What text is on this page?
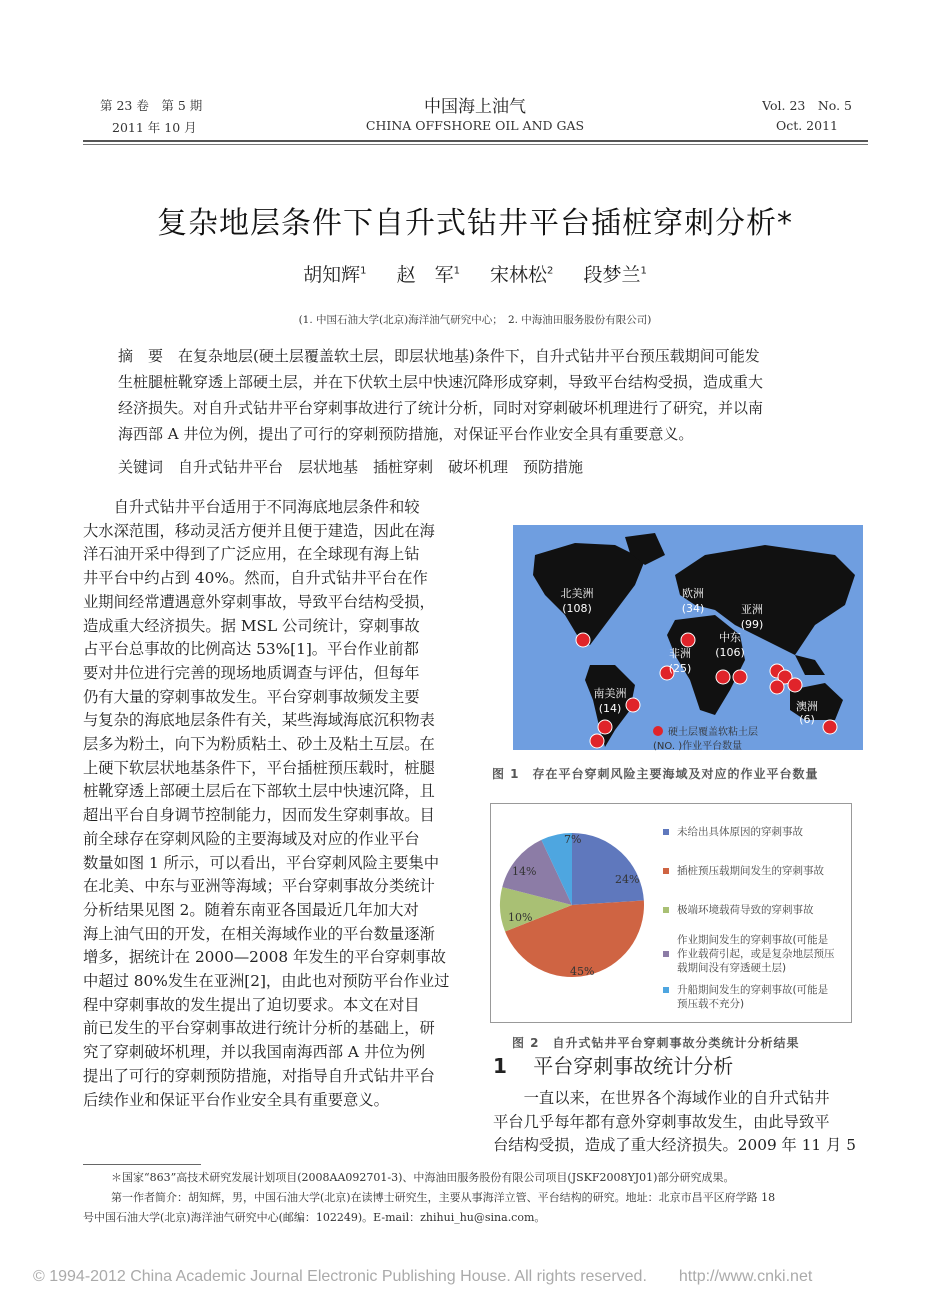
第 23 卷　第 5 期
2011 年 10 月
中国海上油气
CHINA OFFSHORE OIL AND GAS
Vol. 23　No. 5
Oct. 2011
复杂地层条件下自升式钻井平台插桩穿刺分析*
胡知辉$^1$ 赵　军$^1$ 宋林松$^2$ 段梦兰$^1$
(1. 中国石油大学(北京)海洋油气研究中心；　2. 中海油田服务股份有限公司)
摘　要　在复杂地层(硬土层覆盖软土层，即层状地基)条件下，自升式钻井平台预压载期间可能发
生桩腿桩靴穿透上部硬土层，并在下伏软土层中快速沉降形成穿刺，导致平台结构受损，造成重大
经济损失。对自升式钻井平台穿刺事故进行了统计分析，同时对穿刺破坏机理进行了研究，并以南
海西部 A 井位为例，提出了可行的穿刺预防措施，对保证平台作业安全具有重要意义。
关键词　自升式钻井平台　层状地基　插桩穿刺　破坏机理　预防措施
　　自升式钻井平台适用于不同海底地层条件和较
大水深范围，移动灵活方便并且便于建造，因此在海
洋石油开采中得到了广泛应用，在全球现有海上钻
井平台中约占到 40%。然而，自升式钻井平台在作
业期间经常遭遇意外穿刺事故，导致平台结构受损，
造成重大经济损失。据 MSL 公司统计，穿刺事故
占平台总事故的比例高达 53%[1]。平台作业前都
要对井位进行完善的现场地质调查与评估，但每年
仍有大量的穿刺事故发生。平台穿刺事故频发主要
与复杂的海底地层条件有关，某些海域海底沉积物表
层多为粉土，向下为粉质粘土、砂土及粘土互层。在
上硬下软层状地基条件下，平台插桩预压载时，桩腿
桩靴穿透上部硬土层后在下部软土层中快速沉降，且
超出平台自身调节控制能力，因而发生穿刺事故。目
前全球存在穿刺风险的主要海域及对应的作业平台
数量如图 1 所示，可以看出，平台穿刺风险主要集中
在北美、中东与亚洲等海域；平台穿刺事故分类统计
分析结果见图 2。随着东南亚各国最近几年加大对
海上油气田的开发，在相关海域作业的平台数量逐渐
增多，据统计在 2000—2008 年发生的平台穿刺事故
中超过 80%发生在亚洲[2]，由此也对预防平台作业过
程中穿刺事故的发生提出了迫切要求。本文在对目
前已发生的平台穿刺事故进行统计分析的基础上，研
究了穿刺破坏机理，并以我国南海西部 A 井位为例
提出了可行的穿刺预防措施，对指导自升式钻井平台
后续作业和保证平台作业安全具有重要意义。
北美洲
(108)
欧洲
(34)	亚洲
(99)
中东
(106)
非洲
(25)
南美洲
(14)	澳洲
(6)
硬土层覆盖软粘土层
(NO. )作业平台数量
图 1　存在平台穿刺风险主要海域及对应的作业平台数量
24%
45%
10%
14%
7%
未给出具体原因的穿刺事故
插桩预压载期间发生的穿刺事故
极端环境载荷导致的穿刺事故
作业期间发生的穿刺事故(可能是
作业载荷引起，或是复杂地层预压
载期间没有穿透硬土层)
升船期间发生的穿刺事故(可能是
预压载不充分)
图 2　自升式钻井平台穿刺事故分类统计分析结果
1　 平台穿刺事故统计分析
　　一直以来，在世界各个海域作业的自升式钻井
平台几乎每年都有意外穿刺事故发生，由此导致平
台结构受损，造成了重大经济损失。2009 年 11 月 5
　＊国家“863”高技术研究发展计划项目(2008AA092701-3)、中海油田服务股份有限公司项目(JSKF2008YJ01)部分研究成果。
　第一作者简介：胡知辉，男，中国石油大学(北京)在读博士研究生，主要从事海洋立管、平台结构的研究。地址：北京市昌平区府学路 18
号中国石油大学(北京)海洋油气研究中心(邮编：102249)。E-mail：zhihui_hu@sina.com。
© 1994-2012 China Academic Journal Electronic Publishing House. All rights reserved.　　http://www.cnki.net
